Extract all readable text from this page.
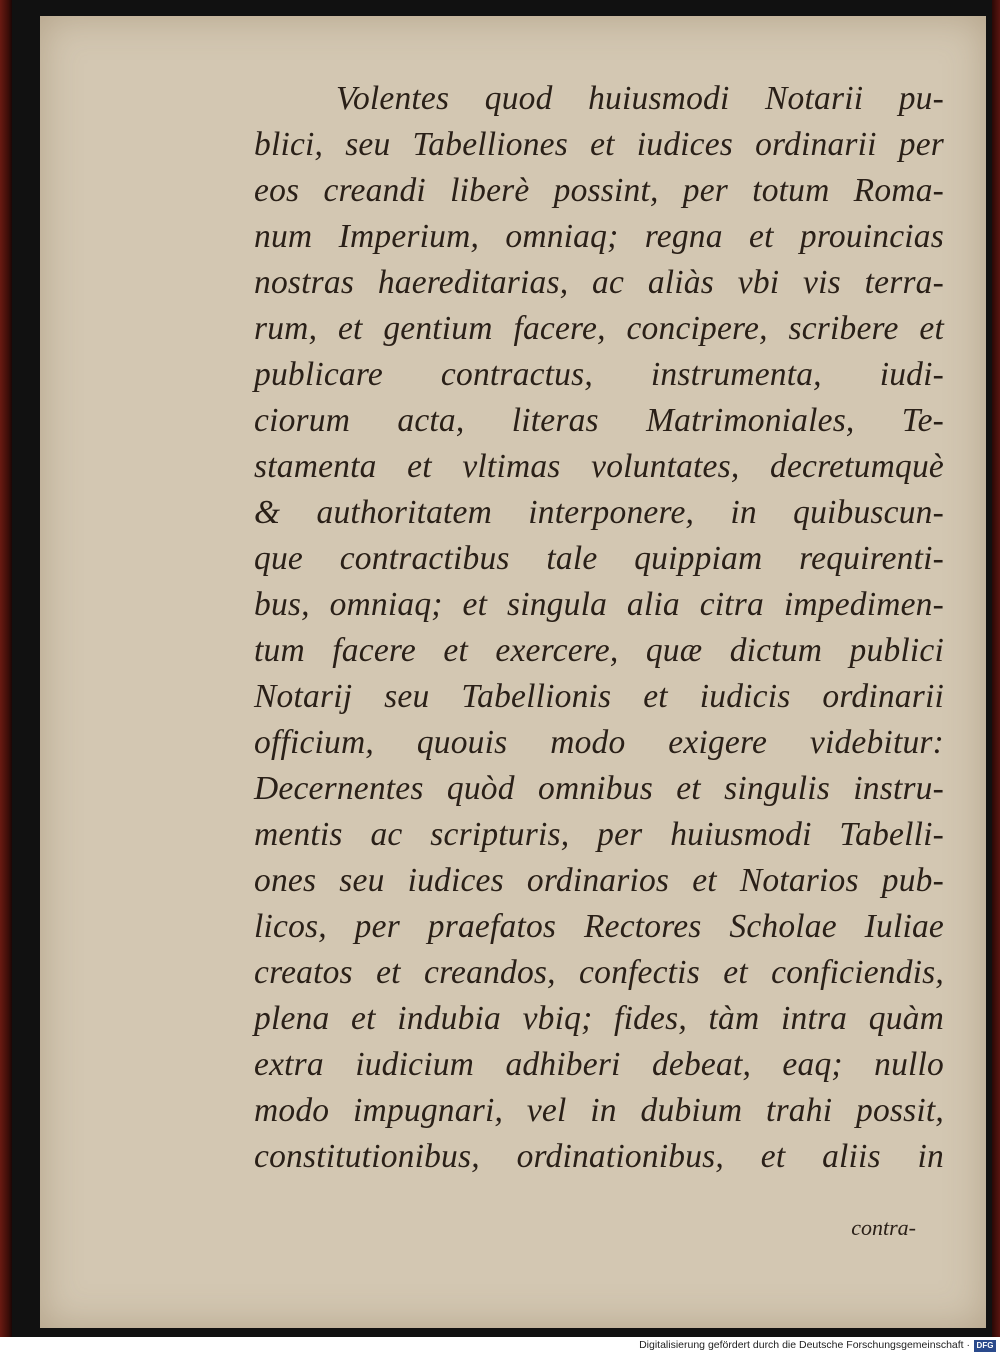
Volentes quod huiusmodi Notarii pu-
blici, seu Tabelliones et iudices ordinarii per
eos creandi liberè possint, per totum Roma-
num Imperium, omniaq; regna et prouincias
nostras haereditarias, ac aliàs vbi vis terra-
rum, et gentium facere, concipere, scribere et
publicare contractus, instrumenta, iudi-
ciorum acta, literas Matrimoniales, Te-
stamenta et vltimas voluntates, decretumquè
& authoritatem interponere, in quibuscun-
que contractibus tale quippiam requirenti-
bus, omniaq; et singula alia citra impedimen-
tum facere et exercere, quæ dictum publici
Notarij seu Tabellionis et iudicis ordinarii
officium, quouis modo exigere videbitur:
Decernentes quòd omnibus et singulis instru-
mentis ac scripturis, per huiusmodi Tabelli-
ones seu iudices ordinarios et Notarios pub-
licos, per praefatos Rectores Scholae Iuliae
creatos et creandos, confectis et conficiendis,
plena et indubia vbiq; fides, tàm intra quàm
extra iudicium adhiberi debeat, eaq; nullo
modo impugnari, vel in dubium trahi possit,
constitutionibus, ordinationibus, et aliis in
contra-
Digitalisierung gefördert durch die Deutsche Forschungsgemeinschaft · DFG
